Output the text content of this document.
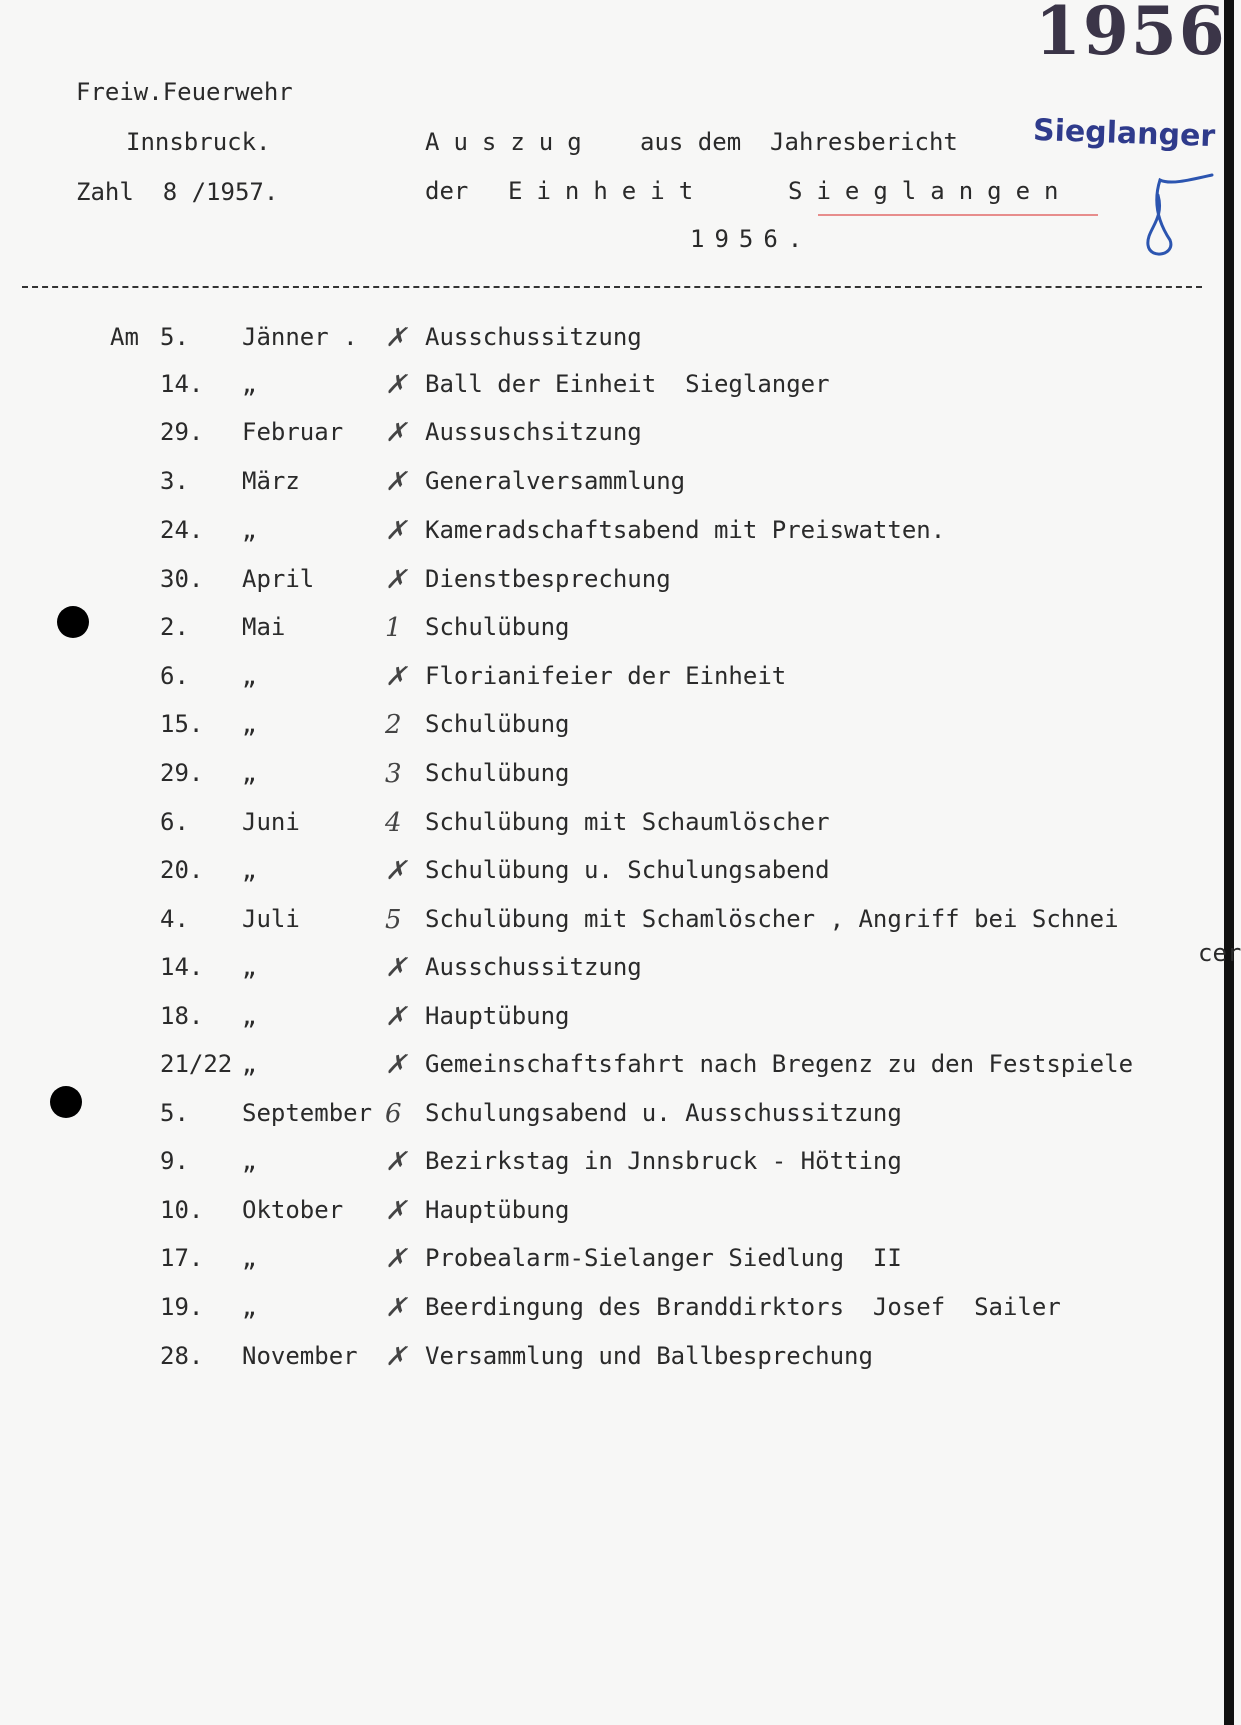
1956
Sieglanger
Freiw.Feuerwehr
Innsbruck.
Zahl  8 /1957.
Auszug aus dem  Jahresbericht
der Einheit	Sieglangen
1956.
Am 5. Jänner . ✗ Ausschussitzung
14. „	✗ Ball der Einheit  Sieglanger
29. Februar ✗ Aussuschsitzung
3. März	✗ Generalversammlung
24. „	✗ Kameradschaftsabend mit Preiswatten.
30. April	✗ Dienstbesprechung
2. Mai	1 Schulübung
6. „	✗ Florianifeier der Einheit
15. „	2 Schulübung
29. „	3 Schulübung
6. Juni	4 Schulübung mit Schaumlöscher
20. „	✗ Schulübung u. Schulungsabend
4. Juli	5 Schulübung mit Schamlöscher , Angriff bei Schnei
14. „	✗ Ausschussitzung
18. „	✗ Hauptübung
21/22 „	✗ Gemeinschaftsfahrt nach Bregenz zu den Festspiele
5. September 6 Schulungsabend u. Ausschussitzung
9. „	✗ Bezirkstag in Jnnsbruck - Hötting
10. Oktober ✗ Hauptübung
17. „	✗ Probealarm-Sielanger Siedlung  II
19. „	✗ Beerdingung des Branddirktors  Josef  Sailer
28. November ✗ Versammlung und Ballbesprechung
cer
